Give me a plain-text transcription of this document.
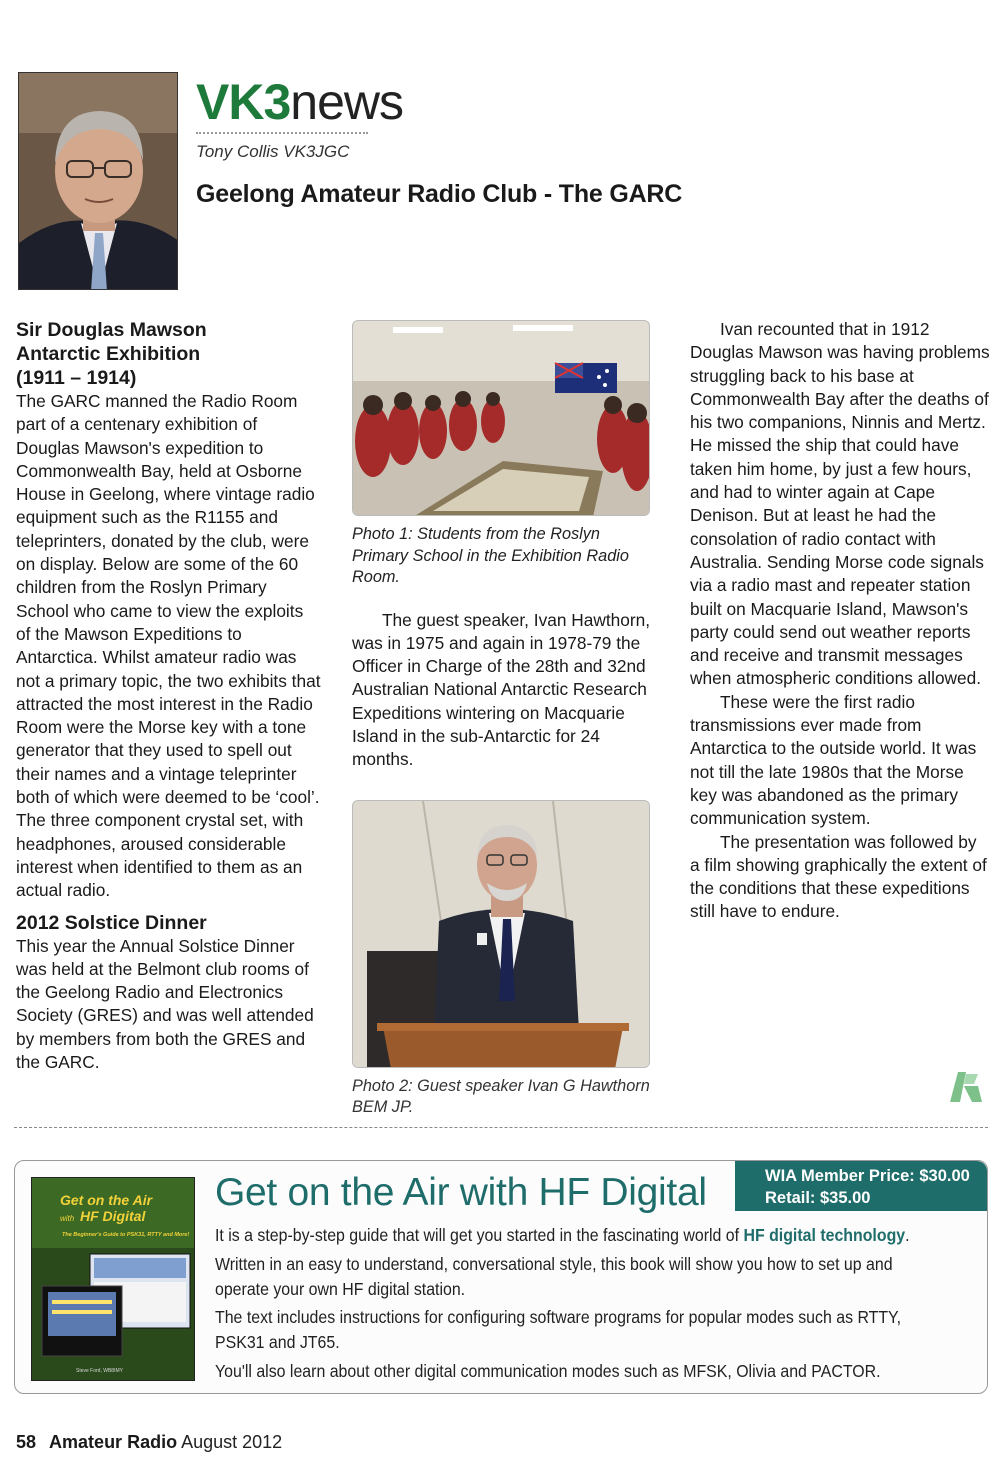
VK3news
Tony Collis VK3JGC
Geelong Amateur Radio Club - The GARC
Sir Douglas Mawson
Antarctic Exhibition
(1911 – 1914)

The GARC manned the Radio Room part of a centenary exhibition of Douglas Mawson's expedition to Commonwealth Bay, held at Osborne House in Geelong, where vintage radio equipment such as the R1155 and teleprinters, donated by the club, were on display. Below are some of the 60 children from the Roslyn Primary School who came to view the exploits of the Mawson Expeditions to Antarctica. Whilst amateur radio was not a primary topic, the two exhibits that attracted the most interest in the Radio Room were the Morse key with a tone generator that they used to spell out their names and a vintage teleprinter both of which were deemed to be ‘cool’. The three component crystal set, with headphones, aroused considerable interest when identified to them as an actual radio.

2012 Solstice Dinner

This year the Annual Solstice Dinner was held at the Belmont club rooms of the Geelong Radio and Electronics Society (GRES) and was well attended by members from both the GRES and the GARC.

Photo 1: Students from the Roslyn Primary School in the Exhibition Radio Room.

The guest speaker, Ivan Hawthorn, was in 1975 and again in 1978-79 the Officer in Charge of the 28th and 32nd Australian National Antarctic Research Expeditions wintering on Macquarie Island in the sub-Antarctic for 24 months.

Photo 2: Guest speaker Ivan G Hawthorn BEM JP.

Ivan recounted that in 1912 Douglas Mawson was having problems struggling back to his base at Commonwealth Bay after the deaths of his two companions, Ninnis and Mertz. He missed the ship that could have taken him home, by just a few hours, and had to winter again at Cape Denison. But at least he had the consolation of radio contact with Australia. Sending Morse code signals via a radio mast and repeater station built on Macquarie Island, Mawson's party could send out weather reports and receive and transmit messages when atmospheric conditions allowed.

These were the first radio transmissions ever made from Antarctica to the outside world. It was not till the late 1980s that the Morse key was abandoned as the primary communication system.

The presentation was followed by a film showing graphically the extent of the conditions that these expeditions still have to endure.

Get on the Air
with HF Digital
The Beginner's Guide to PSK31, RTTY and More!
Steve Ford, WB8IMY
Get on the Air with HF Digital	WIA Member Price: $30.00
Retail: $35.00

It is a step-by-step guide that will get you started in the fascinating world of HF digital technology.

Written in an easy to understand, conversational style, this book will show you how to set up and operate your own HF digital station.

The text includes instructions for configuring software programs for popular modes such as RTTY, PSK31 and JT65.

You'll also learn about other digital communication modes such as MFSK, Olivia and PACTOR.

58 Amateur Radio August 2012
